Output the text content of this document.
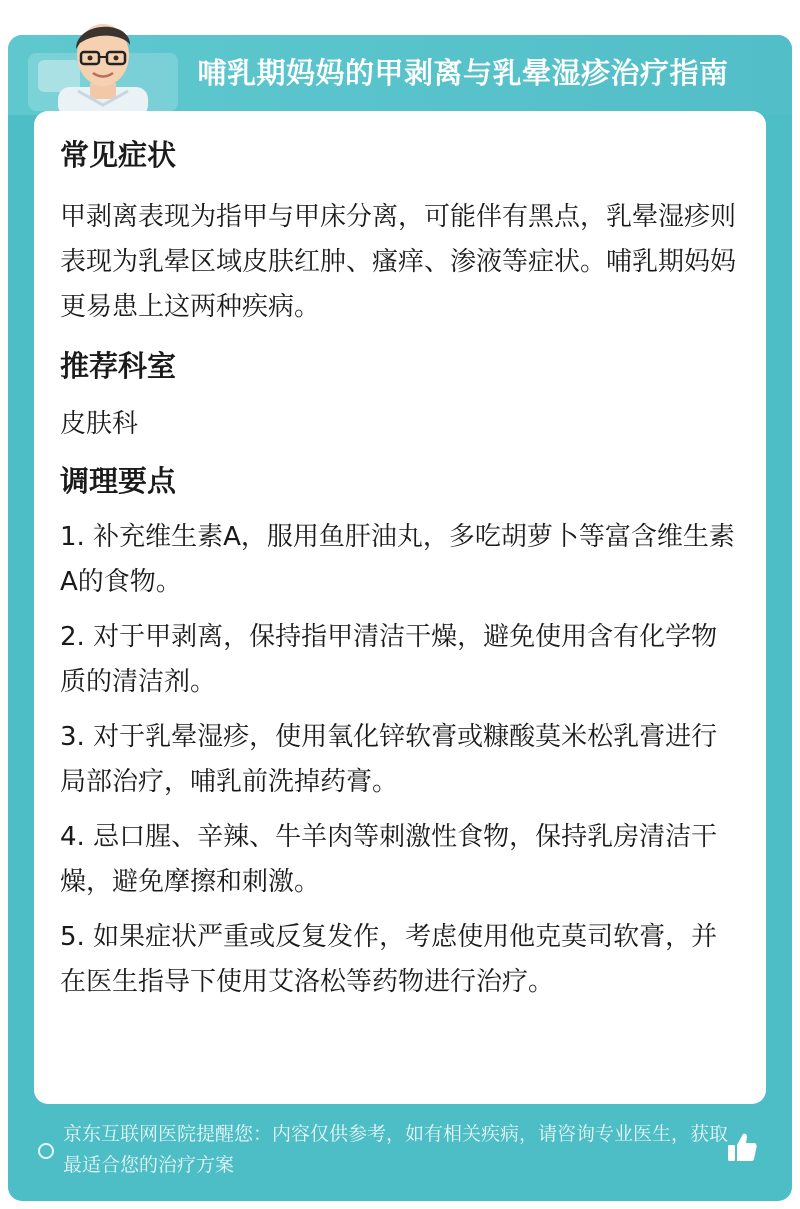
哺乳期妈妈的甲剥离与乳晕湿疹治疗指南

常见症状

甲剥离表现为指甲与甲床分离，可能伴有黑点，乳晕湿疹则表现为乳晕区域皮肤红肿、瘙痒、渗液等症状。哺乳期妈妈更易患上这两种疾病。

推荐科室

皮肤科

调理要点

1. 补充维生素A，服用鱼肝油丸，多吃胡萝卜等富含维生素A的食物。

2. 对于甲剥离，保持指甲清洁干燥，避免使用含有化学物质的清洁剂。

3. 对于乳晕湿疹，使用氧化锌软膏或糠酸莫米松乳膏进行局部治疗，哺乳前洗掉药膏。

4. 忌口腥、辛辣、牛羊肉等刺激性食物，保持乳房清洁干燥，避免摩擦和刺激。

5. 如果症状严重或反复发作，考虑使用他克莫司软膏，并在医生指导下使用艾洛松等药物进行治疗。

京东互联网医院提醒您：内容仅供参考，如有相关疾病，请咨询专业医生，获取最适合您的治疗方案
